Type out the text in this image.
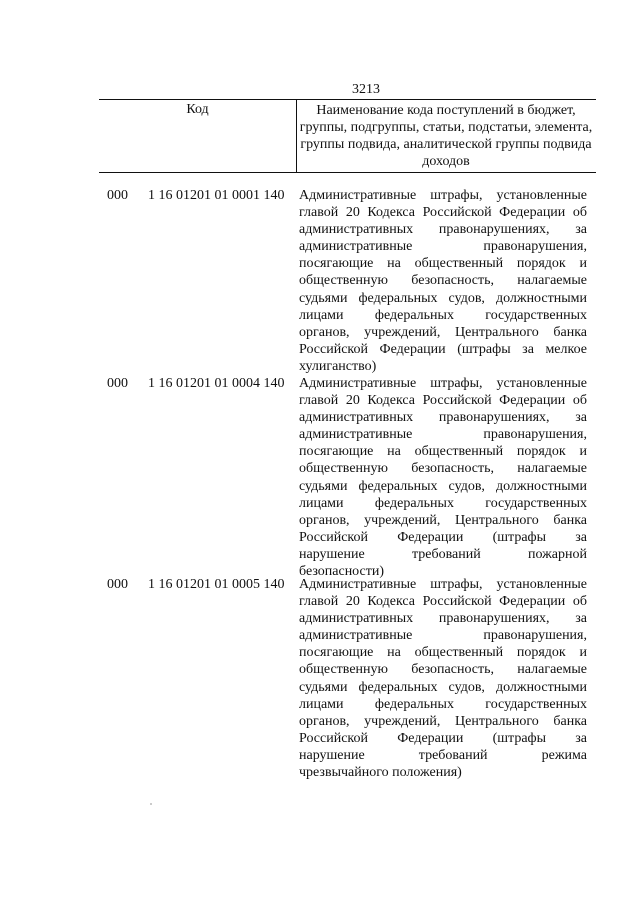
3213
Код	Наименование кода поступлений в бюджет, группы, подгруппы, статьи, подстатьи, элемента, группы подвида, аналитической группы подвида доходов
000 1 16 01201 01 0001 140 Административные штрафы, установленные
главой 20 Кодекса Российской Федерации об
административных правонарушениях, за
административные правонарушения,
посягающие на общественный порядок и
общественную безопасность, налагаемые
судьями федеральных судов, должностными
лицами федеральных государственных
органов, учреждений, Центрального банка
Российской Федерации (штрафы за мелкое
хулиганство)
000 1 16 01201 01 0004 140 Административные штрафы, установленные
главой 20 Кодекса Российской Федерации об
административных правонарушениях, за
административные правонарушения,
посягающие на общественный порядок и
общественную безопасность, налагаемые
судьями федеральных судов, должностными
лицами федеральных государственных
органов, учреждений, Центрального банка
Российской Федерации (штрафы за
нарушение требований пожарной
безопасности)
000 1 16 01201 01 0005 140 Административные штрафы, установленные
главой 20 Кодекса Российской Федерации об
административных правонарушениях, за
административные правонарушения,
посягающие на общественный порядок и
общественную безопасность, налагаемые
судьями федеральных судов, должностными
лицами федеральных государственных
органов, учреждений, Центрального банка
Российской Федерации (штрафы за
нарушение требований режима
чрезвычайного положения)
